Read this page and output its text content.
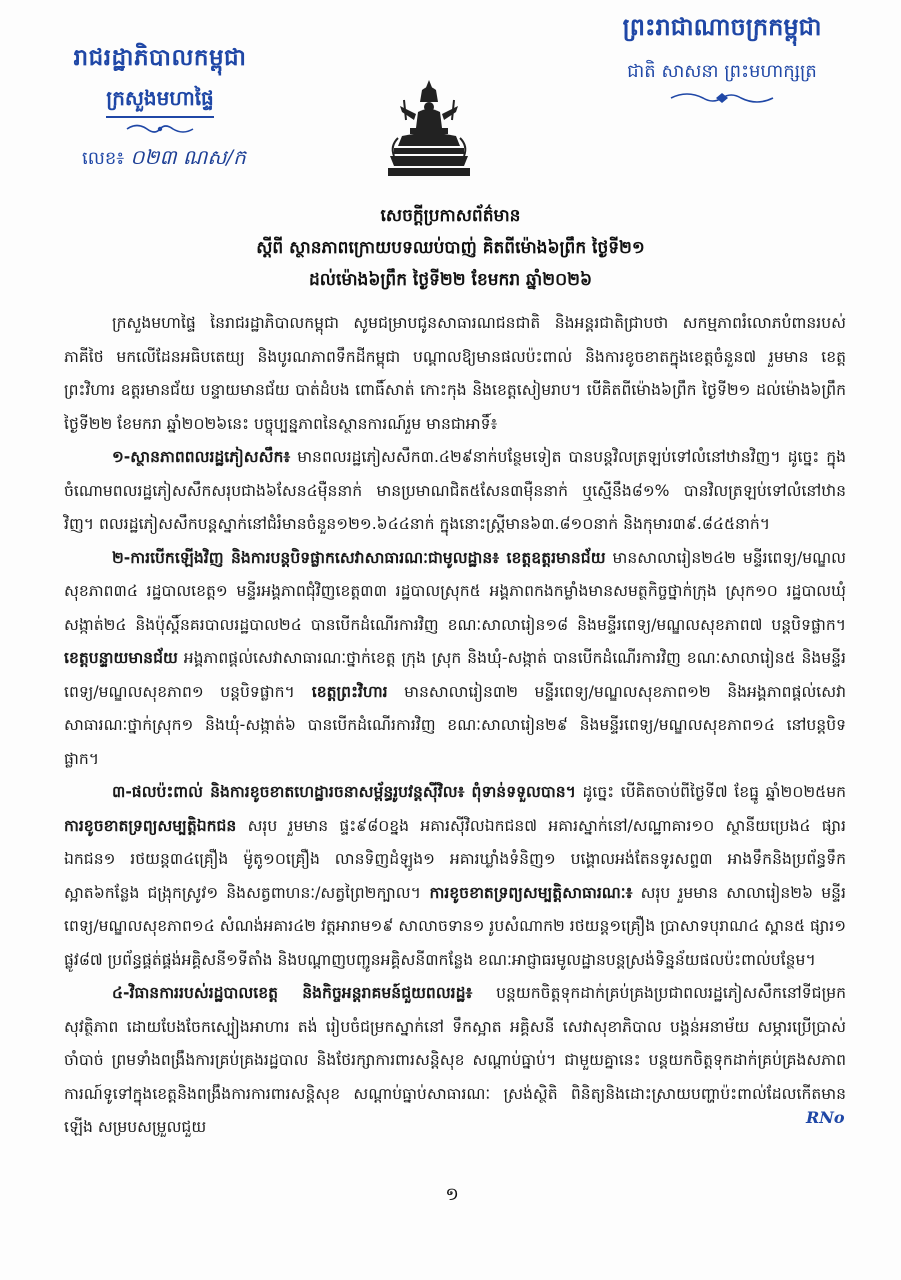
រាជរដ្ឋាភិបាលកម្ពុជា
ក្រសួងមហាផ្ទៃ
លេខ៖ ០២៣ ណស/ក
ព្រះរាជាណាចក្រកម្ពុជា
ជាតិ សាសនា ព្រះមហាក្សត្រ
សេចក្តីប្រកាសព័ត៌មាន
ស្តីពី ស្ថានភាពក្រោយបទឈប់បាញ់ គិតពីម៉ោង៦ព្រឹក ថ្ងៃទី២១
ដល់ម៉ោង៦ព្រឹក ថ្ងៃទី២២ ខែមករា ឆ្នាំ២០២៦

ក្រសួងមហាផ្ទៃ នៃរាជរដ្ឋាភិបាលកម្ពុជា សូមជម្រាបជូនសាធារណជនជាតិ និងអន្តរជាតិជ្រាបថា សកម្មភាពរំលោភបំពានរបស់ភាគីថៃ មកលើដែនអធិបតេយ្យ និងបូរណភាពទឹកដីកម្ពុជា បណ្តាលឱ្យមានផលប៉ះពាល់ និងការខូចខាតក្នុងខេត្តចំនួន៧ រួមមាន ខេត្តព្រះវិហារ ឧត្តរមានជ័យ បន្ទាយមានជ័យ បាត់ដំបង ពោធិ៍សាត់ កោះកុង និងខេត្តសៀមរាប។ បើគិតពីម៉ោង៦ព្រឹក ថ្ងៃទី២១ ដល់ម៉ោង៦ព្រឹក ថ្ងៃទី២២ ខែមករា ឆ្នាំ២០២៦នេះ បច្ចុប្បន្នភាពនៃស្ថានការណ៍រួម មានជាអាទិ៍៖

១-ស្ថានភាពពលរដ្ឋភៀសសឹក៖ មានពលរដ្ឋភៀសសឹក៣.៤២៩នាក់បន្ថែមទៀត បានបន្តវិលត្រឡប់ទៅលំនៅឋានវិញ។ ដូច្នេះ ក្នុងចំណោមពលរដ្ឋភៀសសឹកសរុបជាង៦សែន៤ម៉ឺននាក់ មានប្រមាណជិត៥សែន៣ម៉ឺននាក់ ឬស្មើនឹង៨១% បានវិលត្រឡប់ទៅលំនៅឋានវិញ។ ពលរដ្ឋភៀសសឹកបន្តស្នាក់នៅជំរំមានចំនួន១២១.៦៤៤នាក់ ក្នុងនោះស្ត្រីមាន៦៣.៨១០នាក់ និងកុមារ៣៩.៨៤៥នាក់។

២-ការបើកឡើងវិញ និងការបន្តបិទផ្លាកសេវាសាធារណៈជាមូលដ្ឋាន៖ ខេត្តឧត្តរមានជ័យ មានសាលារៀន២៤២ មន្ទីរពេទ្យ/មណ្ឌលសុខភាព៣៤ រដ្ឋបាលខេត្ត១ មន្ទីរអង្គភាពជុំវិញខេត្ត៣៣ រដ្ឋបាលស្រុក៥ អង្គភាពកងកម្លាំងមានសមត្ថកិច្ចថ្នាក់ក្រុង ស្រុក១០ រដ្ឋបាលឃុំសង្កាត់២៤ និងប៉ុស្តិ៍នគរបាលរដ្ឋបាល២៤ បានបើកដំណើរការវិញ ខណៈសាលារៀន១៨ និងមន្ទីរពេទ្យ/មណ្ឌលសុខភាព៧ បន្តបិទផ្លាក។ ខេត្តបន្ទាយមានជ័យ អង្គភាពផ្តល់សេវាសាធារណៈថ្នាក់ខេត្ត ក្រុង ស្រុក និងឃុំ-សង្កាត់ បានបើកដំណើរការវិញ ខណៈសាលារៀន៥ និងមន្ទីរពេទ្យ/មណ្ឌលសុខភាព១ បន្តបិទផ្លាក។ ខេត្តព្រះវិហារ មានសាលារៀន៣២ មន្ទីរពេទ្យ/មណ្ឌលសុខភាព១២ និងអង្គភាពផ្តល់សេវាសាធារណៈថ្នាក់ស្រុក១ និងឃុំ-សង្កាត់៦ បានបើកដំណើរការវិញ ខណៈសាលារៀន២៩ និងមន្ទីរពេទ្យ/មណ្ឌលសុខភាព១៤ នៅបន្តបិទផ្លាក។

៣-ផលប៉ះពាល់ និងការខូចខាតហេដ្ឋារចនាសម្ព័ន្ធរូបវន្តស៊ីវិល៖ ពុំទាន់ទទួលបាន។ ដូច្នេះ បើគិតចាប់ពីថ្ងៃទី៧ ខែធ្នូ ឆ្នាំ២០២៥មក ការខូចខាតទ្រព្យសម្បត្តិឯកជន សរុប រួមមាន ផ្ទះ៩៨០ខ្នង អគារស៊ីវិលឯកជន៧ អគារស្នាក់នៅ/សណ្ឋាគារ១០ ស្ថានីយប្រេង៤ ផ្សារឯកជន១ រថយន្ត៣៤គ្រឿង ម៉ូតូ១០គ្រឿង លានទិញដំឡូង១ អគារឃ្លាំងទំនិញ១ បង្គោលអង់តែនទូរសព្ទ៣ អាងទឹកនិងប្រព័ន្ធទឹកស្អាត៦កន្លែង ជង្រុកស្រូវ១ និងសត្វពាហនៈ/សត្វព្រៃ២ក្បាល។ ការខូចខាតទ្រព្យសម្បត្តិសាធារណៈ៖ សរុប រួមមាន សាលារៀន២៦ មន្ទីរពេទ្យ/មណ្ឌលសុខភាព១៤ សំណង់អគារ៤២ វត្តអារាម១៩ សាលាចទាន១ រូបសំណាក២ រថយន្ត១គ្រឿង ប្រាសាទបុរាណ៤ ស្ពាន៥ ផ្សារ១ ផ្លូវ៨៧ ប្រព័ន្ធផ្គត់ផ្គង់អគ្គិសនី១ទីតាំង និងបណ្តាញបញ្ជូនអគ្គិសនី៣កន្លែង ខណៈអាជ្ញាធរមូលដ្ឋានបន្តស្រង់ទិន្នន័យផលប៉ះពាល់បន្ថែម។

៤-វិធានការរបស់រដ្ឋបាលខេត្ត និងកិច្ចអន្តរាគមន៍ជួយពលរដ្ឋ៖ បន្តយកចិត្តទុកដាក់គ្រប់គ្រងប្រជាពលរដ្ឋភៀសសឹកនៅទីជម្រកសុវត្ថិភាព ដោយបែងចែកស្បៀងអាហារ តង់ រៀបចំជម្រកស្នាក់នៅ ទឹកស្អាត អគ្គិសនី សេវាសុខាភិបាល បង្គន់អនាម័យ សម្ភារប្រើប្រាស់ចាំបាច់ ព្រមទាំងពង្រឹងការគ្រប់គ្រងរដ្ឋបាល និងថែរក្សាការពារសន្តិសុខ សណ្តាប់ធ្នាប់។ ជាមួយគ្នានេះ បន្តយកចិត្តទុកដាក់គ្រប់គ្រងសភាពការណ៍ទូទៅក្នុងខេត្តនិងពង្រឹងការការពារសន្តិសុខ សណ្តាប់ធ្នាប់សាធារណៈ ស្រង់ស្ថិតិ ពិនិត្យនិងដោះស្រាយបញ្ហាប៉ះពាល់ដែលកើតមានឡើង សម្របសម្រួលជួយ	RNo
១
